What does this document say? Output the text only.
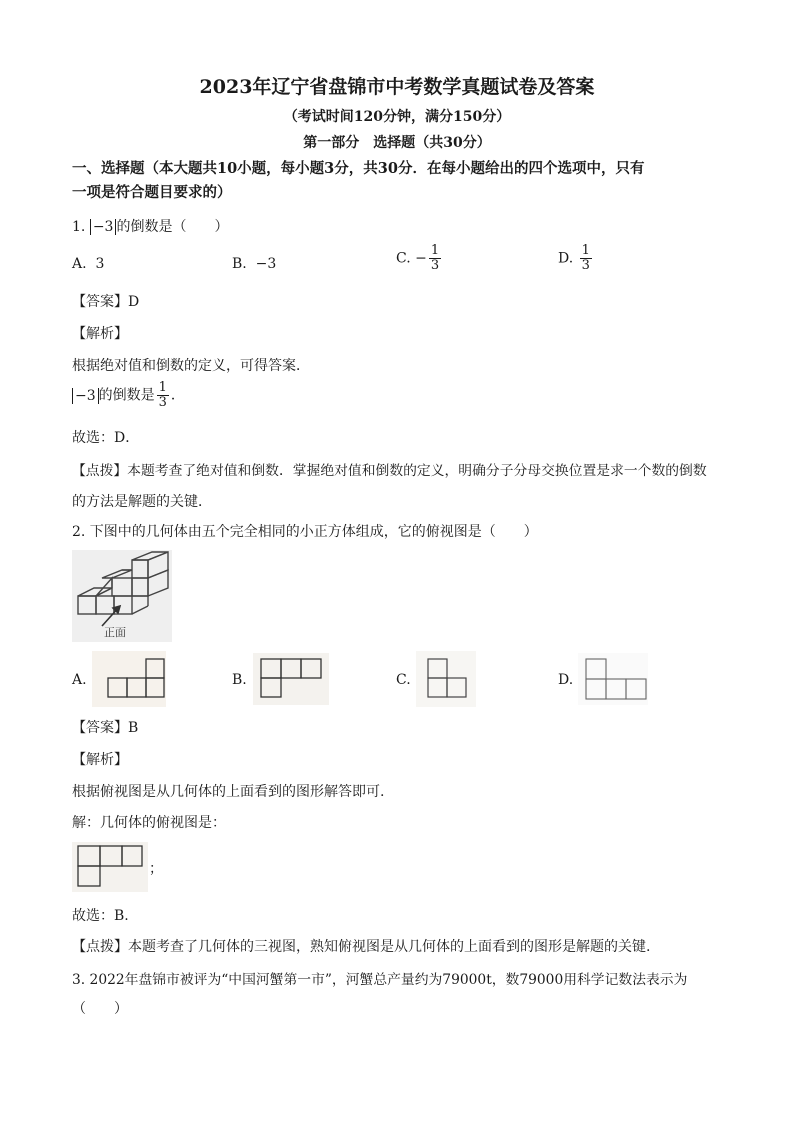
2023年辽宁省盘锦市中考数学真题试卷及答案
（考试时间120分钟，满分150分）
第一部分　选择题（共30分）
一、选择题（本大题共10小题，每小题3分，共30分．在每小题给出的四个选项中，只有
一项是符合题目要求的）
1. −3 的倒数是（　　）
A. 3	B. −3	C. − $\frac{1}{3}$	D. $\frac{1}{3}$
【答案】D
【解析】
根据绝对值和倒数的定义，可得答案．
−3 的倒数是 $\frac{1}{3}$ ．
故选：D．
【点拨】本题考查了绝对值和倒数．掌握绝对值和倒数的定义，明确分子分母交换位置是求一个数的倒数
的方法是解题的关键．
2. 下图中的几何体由五个完全相同的小正方体组成，它的俯视图是（　　）
正面
A.	B.	C.	D.
【答案】B
【解析】
根据俯视图是从几何体的上面看到的图形解答即可.
解：几何体的俯视图是：
；
故选：B.
【点拨】本题考查了几何体的三视图，熟知俯视图是从几何体的上面看到的图形是解题的关键.
3. 2022年盘锦市被评为“中国河蟹第一市”，河蟹总产量约为79000t，数79000用科学记数法表示为
（　　）
